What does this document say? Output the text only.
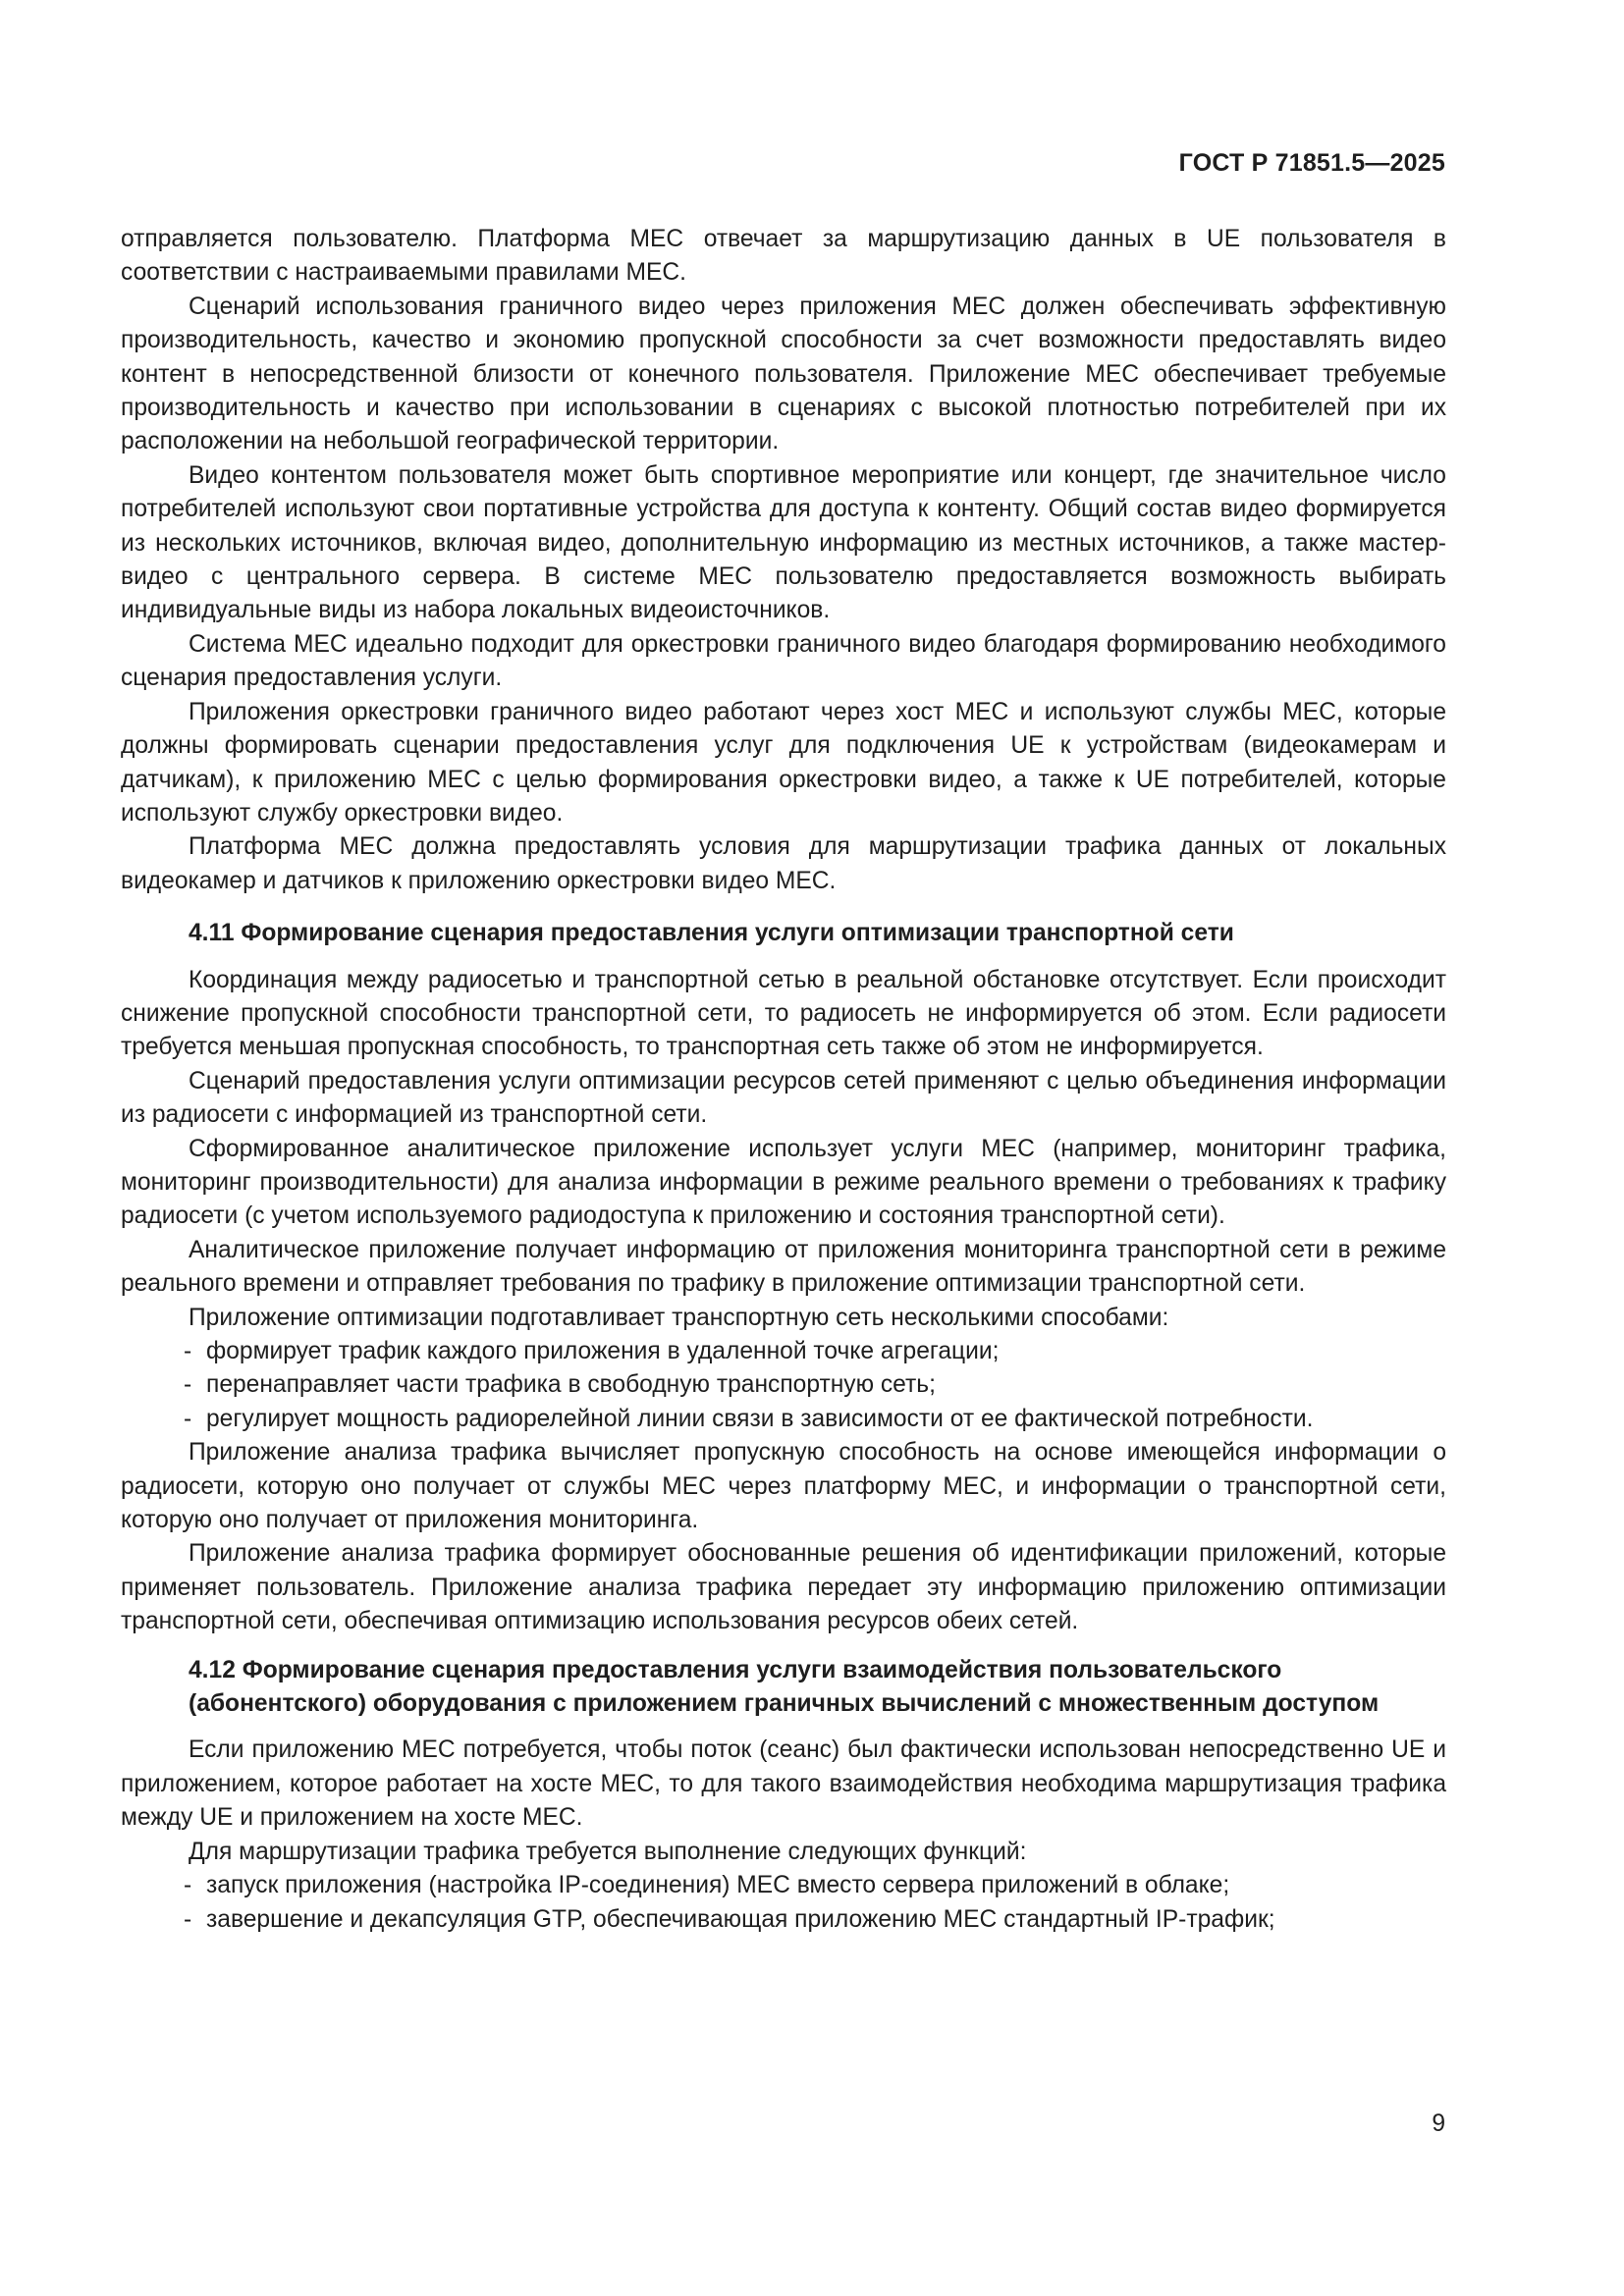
ГОСТ Р 71851.5—2025

отправляется пользователю. Платформа MEC отвечает за маршрутизацию данных в UE пользователя в соответствии с настраиваемыми правилами MEC.

Сценарий использования граничного видео через приложения MEC должен обеспечивать эффективную производительность, качество и экономию пропускной способности за счет возможности предоставлять видео контент в непосредственной близости от конечного пользователя. Приложение MEC обеспечивает требуемые производительность и качество при использовании в сценариях с высокой плотностью потребителей при их расположении на небольшой географической территории.

Видео контентом пользователя может быть спортивное мероприятие или концерт, где значительное число потребителей используют свои портативные устройства для доступа к контенту. Общий состав видео формируется из нескольких источников, включая видео, дополнительную информацию из местных источников, а также мастер-видео с центрального сервера. В системе MEC пользователю предоставляется возможность выбирать индивидуальные виды из набора локальных видеоисточников.

Система MEC идеально подходит для оркестровки граничного видео благодаря формированию необходимого сценария предоставления услуги.

Приложения оркестровки граничного видео работают через хост MEC и используют службы MEC, которые должны формировать сценарии предоставления услуг для подключения UE к устройствам (видеокамерам и датчикам), к приложению MEC с целью формирования оркестровки видео, а также к UE потребителей, которые используют службу оркестровки видео.

Платформа MEC должна предоставлять условия для маршрутизации трафика данных от локальных видеокамер и датчиков к приложению оркестровки видео MEC.

4.11 Формирование сценария предоставления услуги оптимизации транспортной сети

Координация между радиосетью и транспортной сетью в реальной обстановке отсутствует. Если происходит снижение пропускной способности транспортной сети, то радиосеть не информируется об этом. Если радиосети требуется меньшая пропускная способность, то транспортная сеть также об этом не информируется.

Сценарий предоставления услуги оптимизации ресурсов сетей применяют с целью объединения информации из радиосети с информацией из транспортной сети.

Сформированное аналитическое приложение использует услуги MEC (например, мониторинг трафика, мониторинг производительности) для анализа информации в режиме реального времени о требованиях к трафику радиосети (с учетом используемого радиодоступа к приложению и состояния транспортной сети).

Аналитическое приложение получает информацию от приложения мониторинга транспортной сети в режиме реального времени и отправляет требования по трафику в приложение оптимизации транспортной сети.

Приложение оптимизации подготавливает транспортную сеть несколькими способами:

- формирует трафик каждого приложения в удаленной точке агрегации;
- перенаправляет части трафика в свободную транспортную сеть;
- регулирует мощность радиорелейной линии связи в зависимости от ее фактической потребности.

Приложение анализа трафика вычисляет пропускную способность на основе имеющейся информации о радиосети, которую оно получает от службы MEC через платформу MEC, и информации о транспортной сети, которую оно получает от приложения мониторинга.

Приложение анализа трафика формирует обоснованные решения об идентификации приложений, которые применяет пользователь. Приложение анализа трафика передает эту информацию приложению оптимизации транспортной сети, обеспечивая оптимизацию использования ресурсов обеих сетей.

4.12 Формирование сценария предоставления услуги взаимодействия пользовательского (абонентского) оборудования с приложением граничных вычислений с множественным доступом

Если приложению MEC потребуется, чтобы поток (сеанс) был фактически использован непосредственно UE и приложением, которое работает на хосте MEC, то для такого взаимодействия необходима маршрутизация трафика между UE и приложением на хосте MEC.

Для маршрутизации трафика требуется выполнение следующих функций:

- запуск приложения (настройка IP-соединения) MEC вместо сервера приложений в облаке;
- завершение и декапсуляция GTP, обеспечивающая приложению MEC стандартный IP-трафик;
9
